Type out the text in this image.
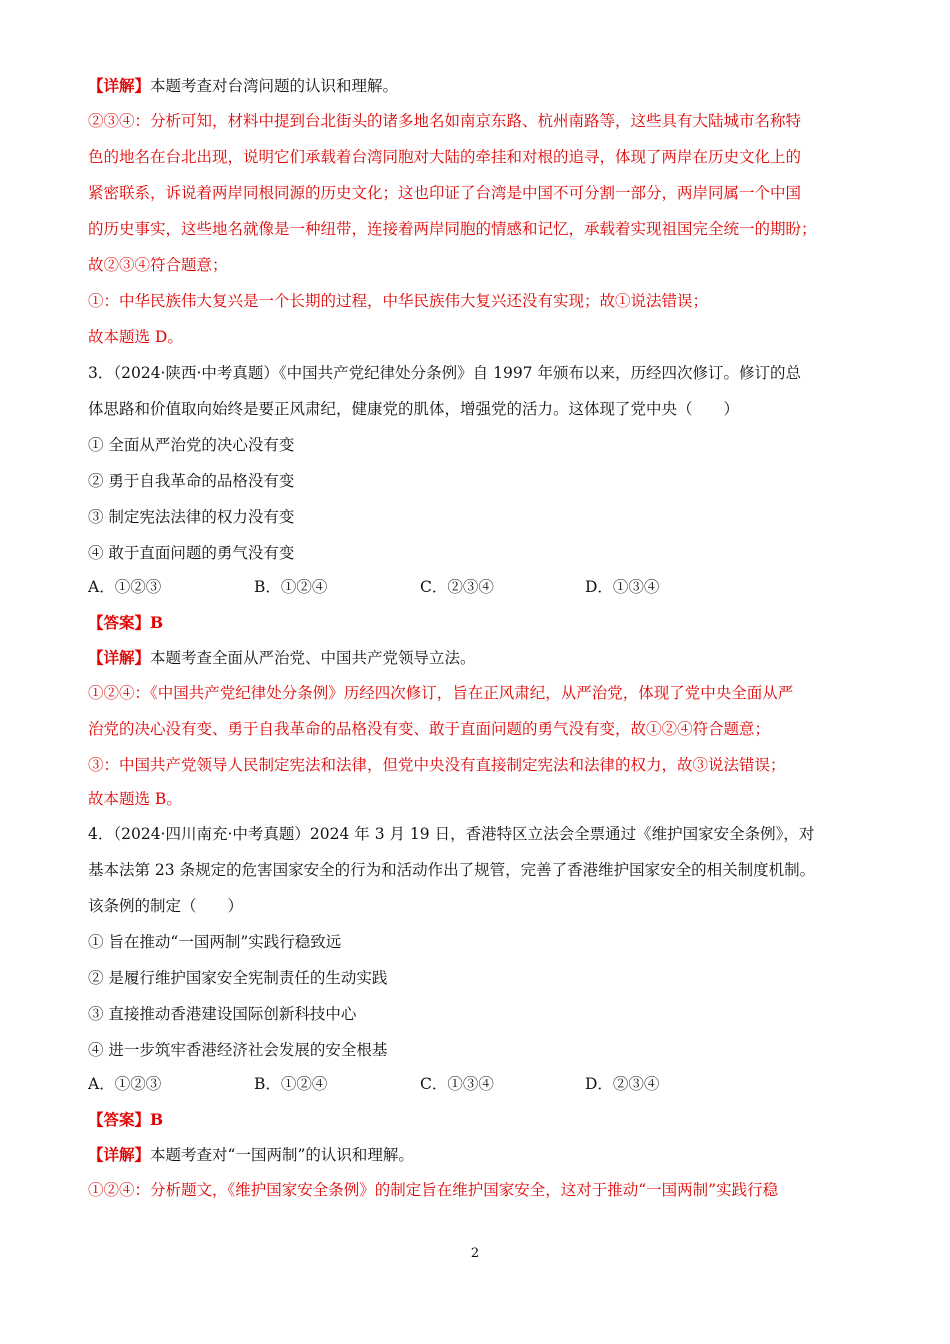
【详解】本题考查对台湾问题的认识和理解。
②③④：分析可知，材料中提到台北街头的诸多地名如南京东路、杭州南路等，这些具有大陆城市名称特
色的地名在台北出现，说明它们承载着台湾同胞对大陆的牵挂和对根的追寻，体现了两岸在历史文化上的
紧密联系，诉说着两岸同根同源的历史文化；这也印证了台湾是中国不可分割一部分，两岸同属一个中国
的历史事实，这些地名就像是一种纽带，连接着两岸同胞的情感和记忆，承载着实现祖国完全统一的期盼；
故②③④符合题意；
①：中华民族伟大复兴是一个长期的过程，中华民族伟大复兴还没有实现；故①说法错误；
故本题选 D。
3．（2024·陕西·中考真题）《中国共产党纪律处分条例》自 1997 年颁布以来，历经四次修订。修订的总
体思路和价值取向始终是要正风肃纪，健康党的肌体，增强党的活力。这体现了党中央（　　）
① 全面从严治党的决心没有变
② 勇于自我革命的品格没有变
③ 制定宪法法律的权力没有变
④ 敢于直面问题的勇气没有变
A．①②③	B．①②④	C．②③④	D．①③④
【答案】B
【详解】本题考查全面从严治党、中国共产党领导立法。
①②④：《中国共产党纪律处分条例》历经四次修订，旨在正风肃纪，从严治党，体现了党中央全面从严
治党的决心没有变、勇于自我革命的品格没有变、敢于直面问题的勇气没有变，故①②④符合题意；
③：中国共产党领导人民制定宪法和法律，但党中央没有直接制定宪法和法律的权力，故③说法错误；
故本题选 B。
4．（2024·四川南充·中考真题）2024 年 3 月 19 日，香港特区立法会全票通过《维护国家安全条例》，对
基本法第 23 条规定的危害国家安全的行为和活动作出了规管，完善了香港维护国家安全的相关制度机制。
该条例的制定（　　）
① 旨在推动“一国两制”实践行稳致远
② 是履行维护国家安全宪制责任的生动实践
③ 直接推动香港建设国际创新科技中心
④ 进一步筑牢香港经济社会发展的安全根基
A．①②③	B．①②④	C．①③④	D．②③④
【答案】B
【详解】本题考查对“一国两制”的认识和理解。
①②④：分析题文，《维护国家安全条例》的制定旨在维护国家安全，这对于推动“一国两制”实践行稳
2
